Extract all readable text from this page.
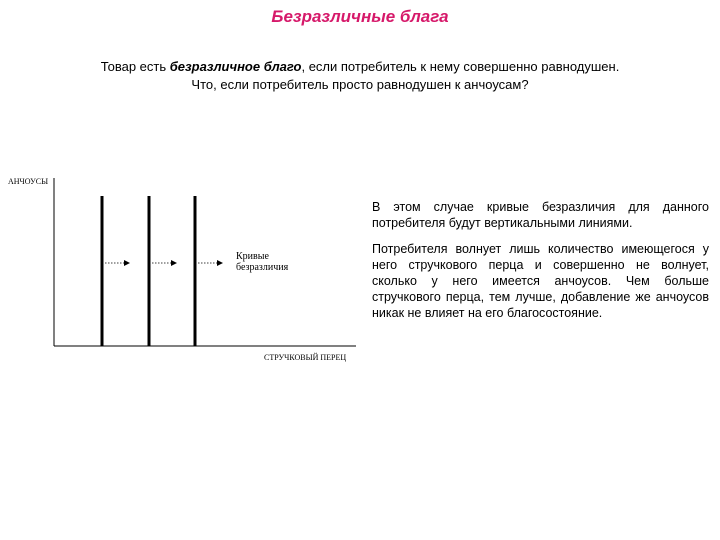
Безразличные блага
Товар есть безразличное благо, если потребитель к нему совершенно равнодушен.
Что, если потребитель просто равнодушен к анчоусам?
АНЧОУСЫ
СТРУЧКОВЫЙ ПЕРЕЦ
Кривые
безразличия
В этом случае кривые безразличия для данного потребителя будут вертикальными линиями.
Потребителя волнует лишь количество имеющегося у него стручкового перца и совершенно не волнует, сколько у него имеется анчоусов. Чем больше стручкового перца, тем лучше, добавление же анчоусов никак не влияет на его благосостояние.
